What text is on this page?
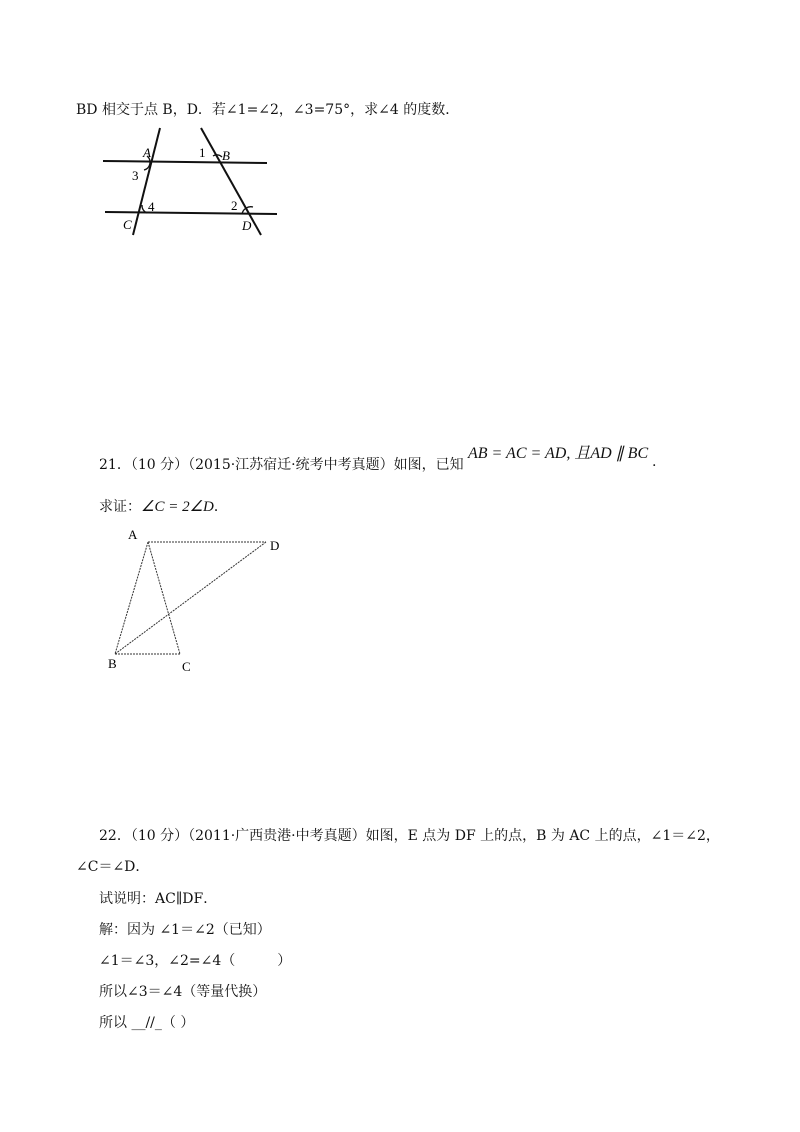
BD 相交于点 B，D．若∠1=∠2，∠3=75°，求∠4 的度数．
A	B
C	D
1
2
3
4
21．（10 分）（2015·江苏宿迁·统考中考真题）如图，已知
AB = AC = AD, 且AD ∥ BC .
求证：∠C = 2∠D．
A
B	C
D
22．（10 分）（2011·广西贵港·中考真题）如图，E 点为 DF 上的点，B 为 AC 上的点，∠1＝∠2，
∠C＝∠D．
试说明：AC∥DF．
解：因为 ∠1＝∠2（已知）
∠1＝∠3，∠2=∠4（　　　）
所以∠3＝∠4（等量代换）
所以 __//_（ ）
